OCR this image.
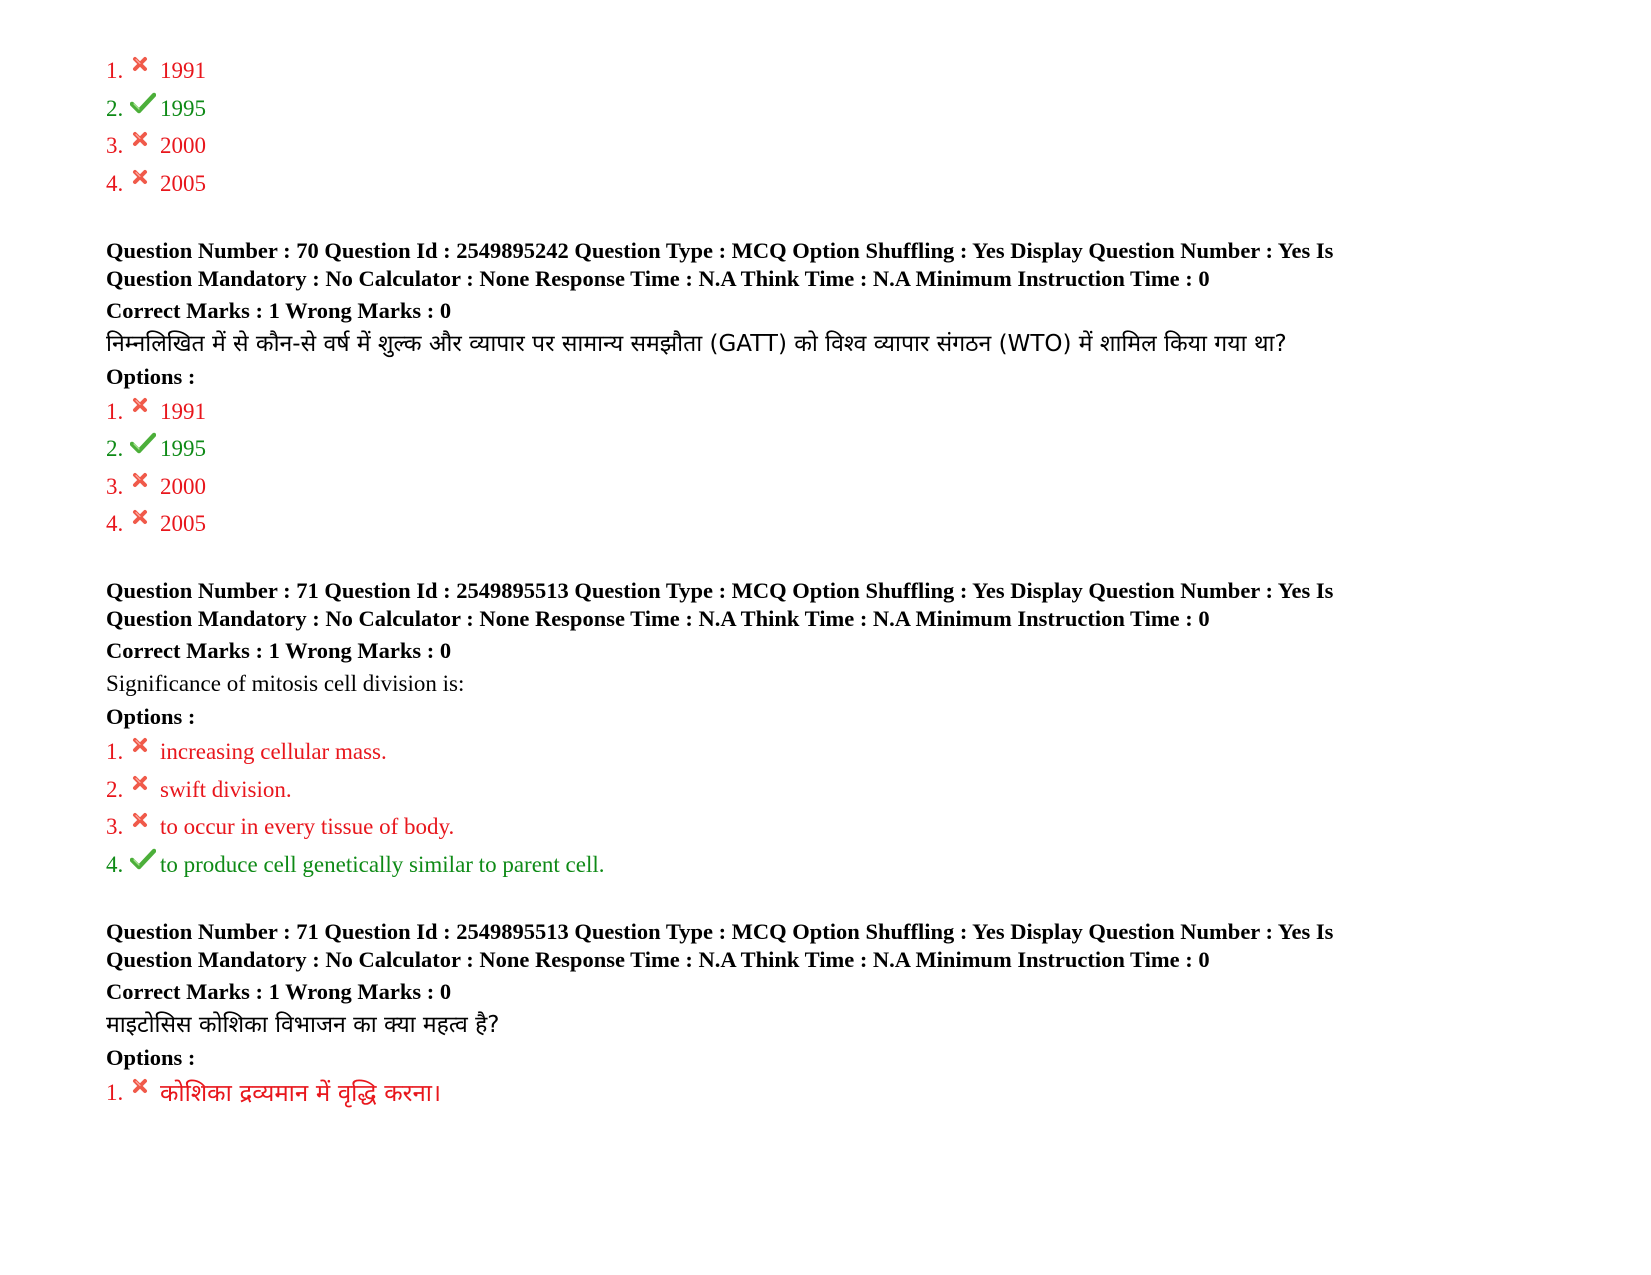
1. 1991
2. 1995
3. 2000
4. 2005
Question Number : 70 Question Id : 2549895242 Question Type : MCQ Option Shuffling : Yes Display Question Number : Yes Is
Question Mandatory : No Calculator : None Response Time : N.A Think Time : N.A Minimum Instruction Time : 0
Correct Marks : 1 Wrong Marks : 0
निम्नलिखित में से कौन-से वर्ष में शुल्क और व्यापार पर सामान्य समझौता (GATT) को विश्व व्यापार संगठन (WTO) में शामिल किया गया था?
Options :
1. 1991
2. 1995
3. 2000
4. 2005
Question Number : 71 Question Id : 2549895513 Question Type : MCQ Option Shuffling : Yes Display Question Number : Yes Is
Question Mandatory : No Calculator : None Response Time : N.A Think Time : N.A Minimum Instruction Time : 0
Correct Marks : 1 Wrong Marks : 0
Significance of mitosis cell division is:
Options :
1. increasing cellular mass.
2. swift division.
3. to occur in every tissue of body.
4. to produce cell genetically similar to parent cell.
Question Number : 71 Question Id : 2549895513 Question Type : MCQ Option Shuffling : Yes Display Question Number : Yes Is
Question Mandatory : No Calculator : None Response Time : N.A Think Time : N.A Minimum Instruction Time : 0
Correct Marks : 1 Wrong Marks : 0
माइटोसिस कोशिका विभाजन का क्या महत्व है?
Options :
1. कोशिका द्रव्यमान में वृद्धि करना।
